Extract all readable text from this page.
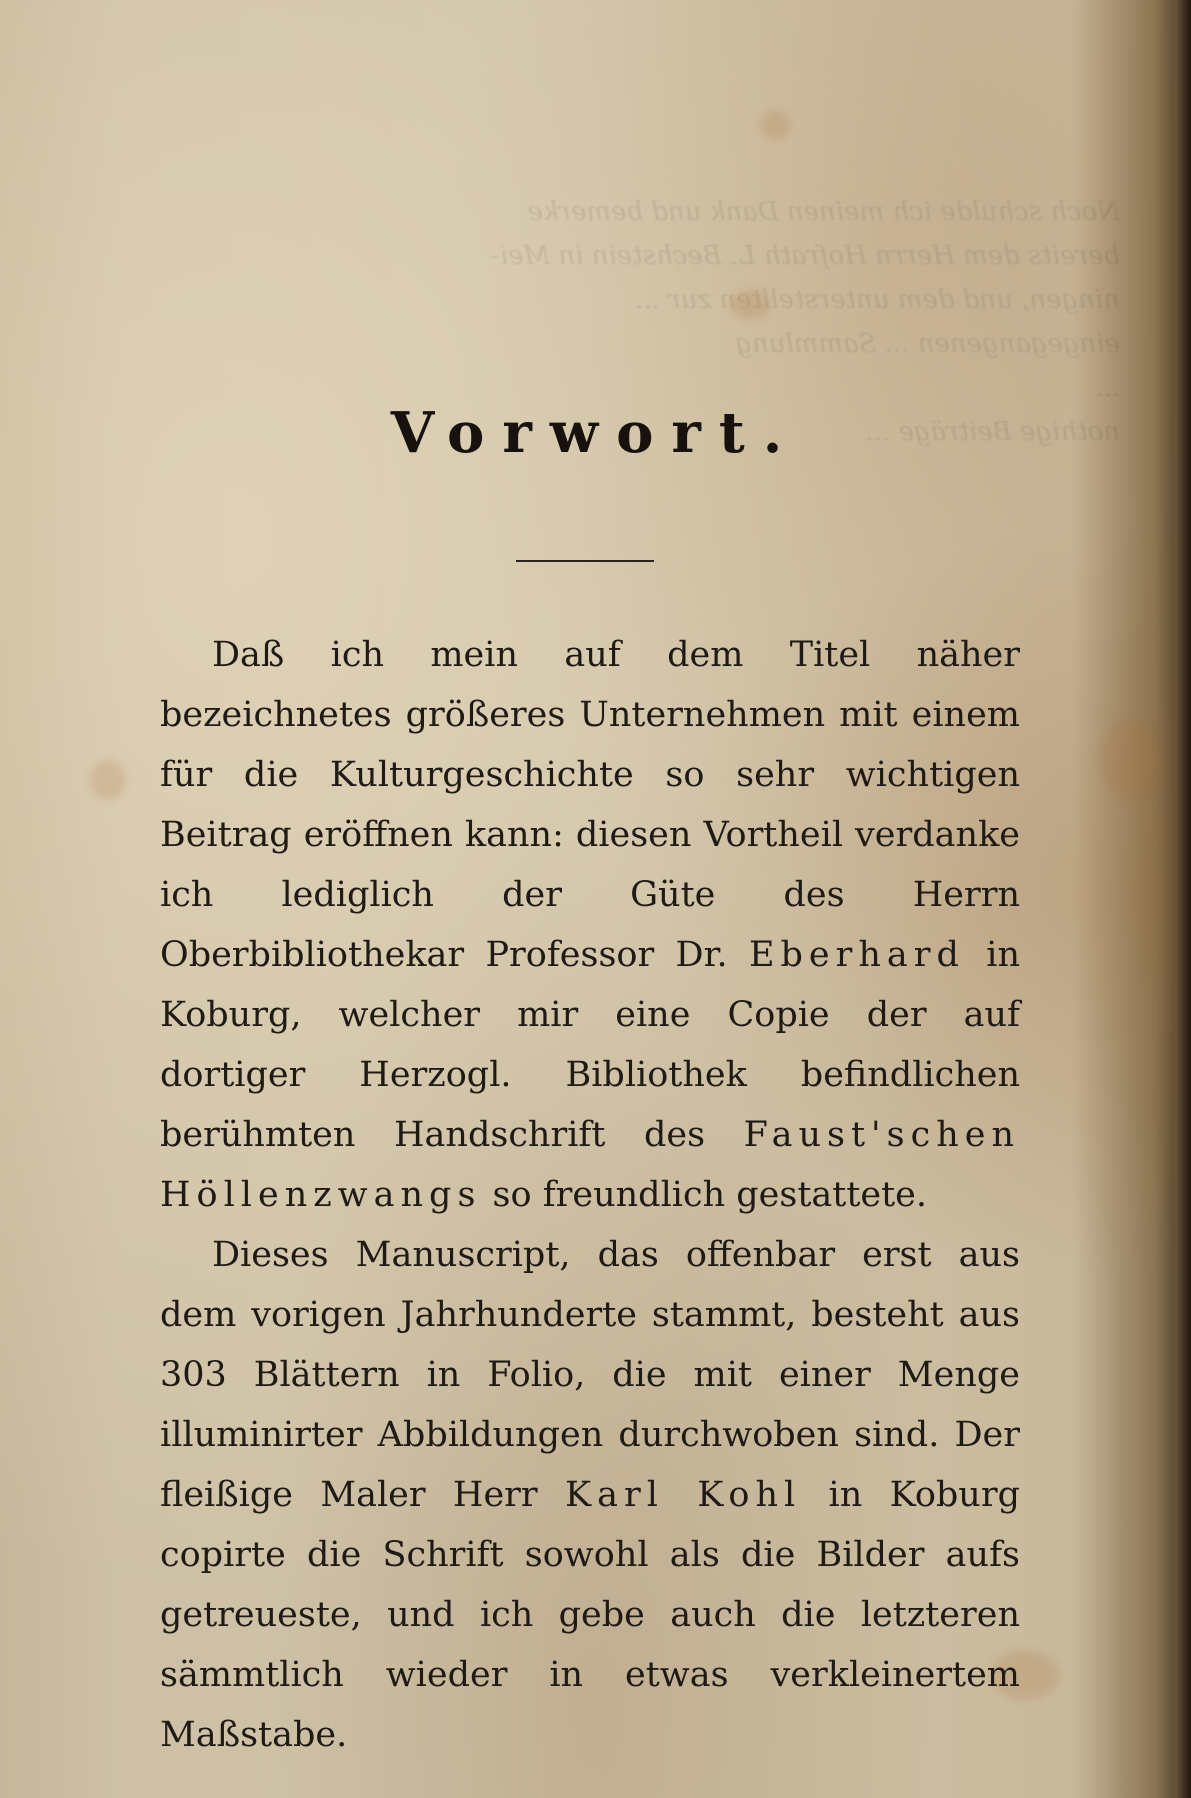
Noch schulde ich meinen Dank und bemerke
bereits dem Herrn Hofrath L. Bechstein in Mei-
ningen, und dem unterstellten zur ...
eingegangenen ... Sammlung
...
nothige Beiträge ...
Vorwort.

Daß ich mein auf dem Titel näher bezeichnetes größeres Unternehmen mit einem für die Kulturgeschichte so sehr wichtigen Beitrag eröffnen kann: diesen Vortheil verdanke ich lediglich der Güte des Herrn Oberbibliothekar Professor Dr. Eberhard in Koburg, welcher mir eine Copie der auf dortiger Herzogl. Bibliothek befindlichen berühmten Handschrift des Faust'schen Höllenzwangs so freundlich gestattete.

Dieses Manuscript, das offenbar erst aus dem vorigen Jahrhunderte stammt, besteht aus 303 Blättern in Folio, die mit einer Menge illuminirter Abbildungen durchwoben sind. Der fleißige Maler Herr Karl Kohl in Koburg copirte die Schrift sowohl als die Bilder aufs getreueste, und ich gebe auch die letzteren sämmtlich wieder in etwas verkleinertem Maßstabe.
